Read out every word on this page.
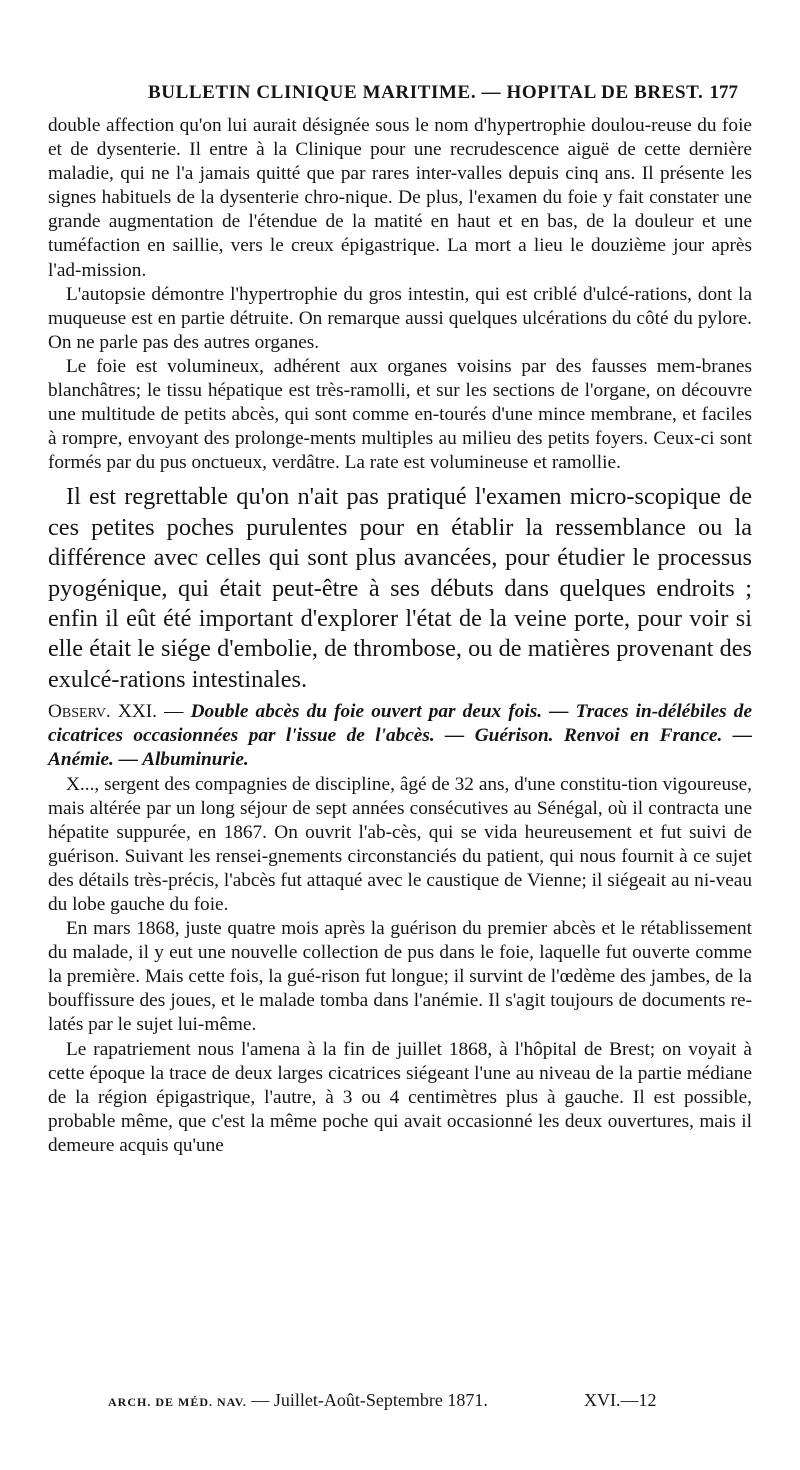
BULLETIN CLINIQUE MARITIME. — HOPITAL DE BREST. 177

double affection qu'on lui aurait désignée sous le nom d'hypertrophie doulou-reuse du foie et de dysenterie. Il entre à la Clinique pour une recrudescence aiguë de cette dernière maladie, qui ne l'a jamais quitté que par rares inter-valles depuis cinq ans. Il présente les signes habituels de la dysenterie chro-nique. De plus, l'examen du foie y fait constater une grande augmentation de l'étendue de la matité en haut et en bas, de la douleur et une tuméfaction en saillie, vers le creux épigastrique. La mort a lieu le douzième jour après l'ad-mission.

L'autopsie démontre l'hypertrophie du gros intestin, qui est criblé d'ulcé-rations, dont la muqueuse est en partie détruite. On remarque aussi quelques ulcérations du côté du pylore. On ne parle pas des autres organes.

Le foie est volumineux, adhérent aux organes voisins par des fausses mem-branes blanchâtres; le tissu hépatique est très-ramolli, et sur les sections de l'organe, on découvre une multitude de petits abcès, qui sont comme en-tourés d'une mince membrane, et faciles à rompre, envoyant des prolonge-ments multiples au milieu des petits foyers. Ceux-ci sont formés par du pus onctueux, verdâtre. La rate est volumineuse et ramollie.

Il est regrettable qu'on n'ait pas pratiqué l'examen micro-scopique de ces petites poches purulentes pour en établir la ressemblance ou la différence avec celles qui sont plus avancées, pour étudier le processus pyogénique, qui était peut-être à ses débuts dans quelques endroits ; enfin il eût été important d'explorer l'état de la veine porte, pour voir si elle était le siége d'embolie, de thrombose, ou de matières provenant des exulcé-rations intestinales.

Observ. XXI. — Double abcès du foie ouvert par deux fois. — Traces in-délébiles de cicatrices occasionnées par l'issue de l'abcès. — Guérison. Renvoi en France. — Anémie. — Albuminurie.

X..., sergent des compagnies de discipline, âgé de 32 ans, d'une constitu-tion vigoureuse, mais altérée par un long séjour de sept années consécutives au Sénégal, où il contracta une hépatite suppurée, en 1867. On ouvrit l'ab-cès, qui se vida heureusement et fut suivi de guérison. Suivant les rensei-gnements circonstanciés du patient, qui nous fournit à ce sujet des détails très-précis, l'abcès fut attaqué avec le caustique de Vienne; il siégeait au ni-veau du lobe gauche du foie.

En mars 1868, juste quatre mois après la guérison du premier abcès et le rétablissement du malade, il y eut une nouvelle collection de pus dans le foie, laquelle fut ouverte comme la première. Mais cette fois, la gué-rison fut longue; il survint de l'œdème des jambes, de la bouffissure des joues, et le malade tomba dans l'anémie. Il s'agit toujours de documents re-latés par le sujet lui-même.

Le rapatriement nous l'amena à la fin de juillet 1868, à l'hôpital de Brest; on voyait à cette époque la trace de deux larges cicatrices siégeant l'une au niveau de la partie médiane de la région épigastrique, l'autre, à 3 ou 4 centimètres plus à gauche. Il est possible, probable même, que c'est la même poche qui avait occasionné les deux ouvertures, mais il demeure acquis qu'une

ARCH. DE MÉD. NAV. — Juillet-Août-Septembre 1871.	XVI.—12
